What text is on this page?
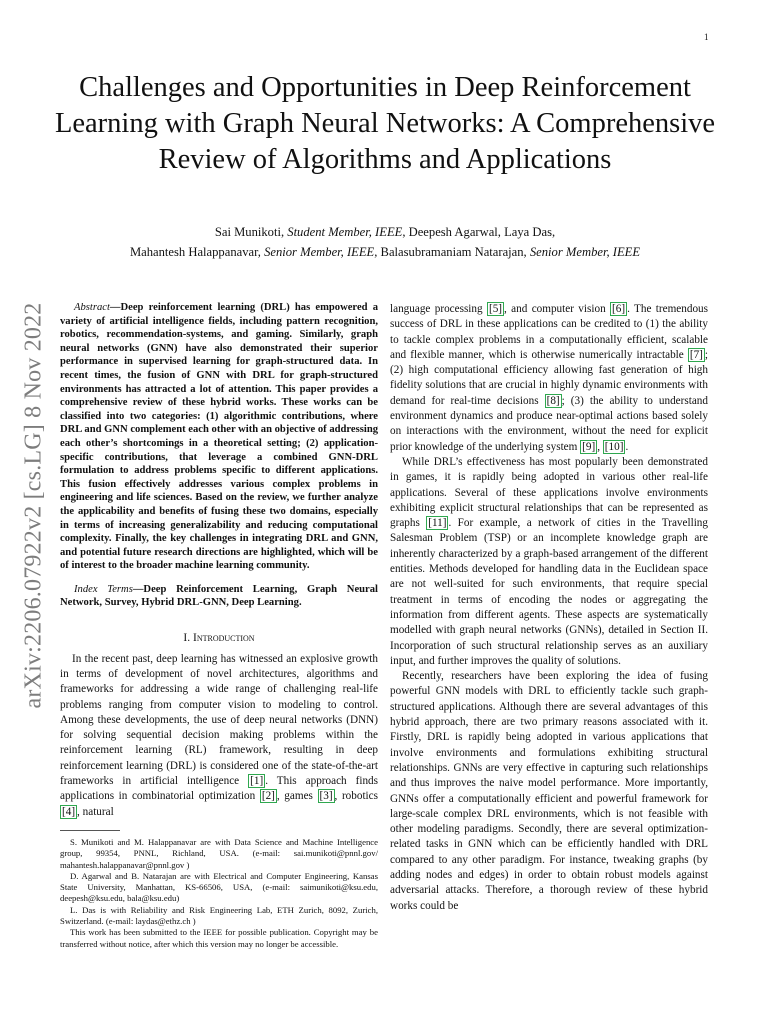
1
arXiv:2206.07922v2 [cs.LG] 8 Nov 2022
Challenges and Opportunities in Deep Reinforcement Learning with Graph Neural Networks: A Comprehensive Review of Algorithms and Applications
Sai Munikoti, Student Member, IEEE, Deepesh Agarwal, Laya Das,
Mahantesh Halappanavar, Senior Member, IEEE, Balasubramaniam Natarajan, Senior Member, IEEE

Abstract—Deep reinforcement learning (DRL) has empowered a variety of artificial intelligence fields, including pattern recognition, robotics, recommendation-systems, and gaming. Similarly, graph neural networks (GNN) have also demonstrated their superior performance in supervised learning for graph-structured data. In recent times, the fusion of GNN with DRL for graph-structured environments has attracted a lot of attention. This paper provides a comprehensive review of these hybrid works. These works can be classified into two categories: (1) algorithmic contributions, where DRL and GNN complement each other with an objective of addressing each other’s shortcomings in a theoretical setting; (2) application-specific contributions, that leverage a combined GNN-DRL formulation to address problems specific to different applications. This fusion effectively addresses various complex problems in engineering and life sciences. Based on the review, we further analyze the applicability and benefits of fusing these two domains, especially in terms of increasing generalizability and reducing computational complexity. Finally, the key challenges in integrating DRL and GNN, and potential future research directions are highlighted, which will be of interest to the broader machine learning community.

Index Terms—Deep Reinforcement Learning, Graph Neural Network, Survey, Hybrid DRL-GNN, Deep Learning.

I. Introduction

In the recent past, deep learning has witnessed an explosive growth in terms of development of novel architectures, algorithms and frameworks for addressing a wide range of challenging real-life problems ranging from computer vision to modeling to control. Among these developments, the use of deep neural networks (DNN) for solving sequential decision making problems within the reinforcement learning (RL) framework, resulting in deep reinforcement learning (DRL) is considered one of the state-of-the-art frameworks in artificial intelligence [1] . This approach finds applications in combinatorial optimization [2] , games [3] , robotics [4] , natural

S. Munikoti and M. Halappanavar are with Data Science and Machine Intelligence group, 99354, PNNL, Richland, USA. (e-mail: sai.munikoti@pnnl.gov/ mahantesh.halappanavar@pnnl.gov )

D. Agarwal and B. Natarajan are with Electrical and Computer Engineering, Kansas State University, Manhattan, KS-66506, USA, (e-mail: saimunikoti@ksu.edu, deepesh@ksu.edu, bala@ksu.edu)

L. Das is with Reliability and Risk Engineering Lab, ETH Zurich, 8092, Zurich, Switzerland. (e-mail: laydas@ethz.ch )

This work has been submitted to the IEEE for possible publication. Copyright may be transferred without notice, after which this version may no longer be accessible.

language processing [5] , and computer vision [6] . The tremendous success of DRL in these applications can be credited to (1) the ability to tackle complex problems in a computationally efficient, scalable and flexible manner, which is otherwise numerically intractable [7] ; (2) high computational efficiency allowing fast generation of high fidelity solutions that are crucial in highly dynamic environments with demand for real-time decisions [8] ; (3) the ability to understand environment dynamics and produce near-optimal actions based solely on interactions with the environment, without the need for explicit prior knowledge of the underlying system [9] , [10] .

While DRL’s effectiveness has most popularly been demonstrated in games, it is rapidly being adopted in various other real-life applications. Several of these applications involve environments exhibiting explicit structural relationships that can be represented as graphs [11] . For example, a network of cities in the Travelling Salesman Problem (TSP) or an incomplete knowledge graph are inherently characterized by a graph-based arrangement of the different entities. Methods developed for handling data in the Euclidean space are not well-suited for such environments, that require special treatment in terms of encoding the nodes or aggregating the information from different agents. These aspects are systematically modelled with graph neural networks (GNNs), detailed in Section II. Incorporation of such structural relationship serves as an auxiliary input, and further improves the quality of solutions.

Recently, researchers have been exploring the idea of fusing powerful GNN models with DRL to efficiently tackle such graph-structured applications. Although there are several advantages of this hybrid approach, there are two primary reasons associated with it. Firstly, DRL is rapidly being adopted in various applications that involve environments and formulations exhibiting structural relationships. GNNs are very effective in capturing such relationships and thus improves the naive model performance. More importantly, GNNs offer a computationally efficient and powerful framework for large-scale complex DRL environments, which is not feasible with other modeling paradigms. Secondly, there are several optimization-related tasks in GNN which can be efficiently handled with DRL compared to any other paradigm. For instance, tweaking graphs (by adding nodes and edges) in order to obtain robust models against adversarial attacks. Therefore, a thorough review of these hybrid works could be
